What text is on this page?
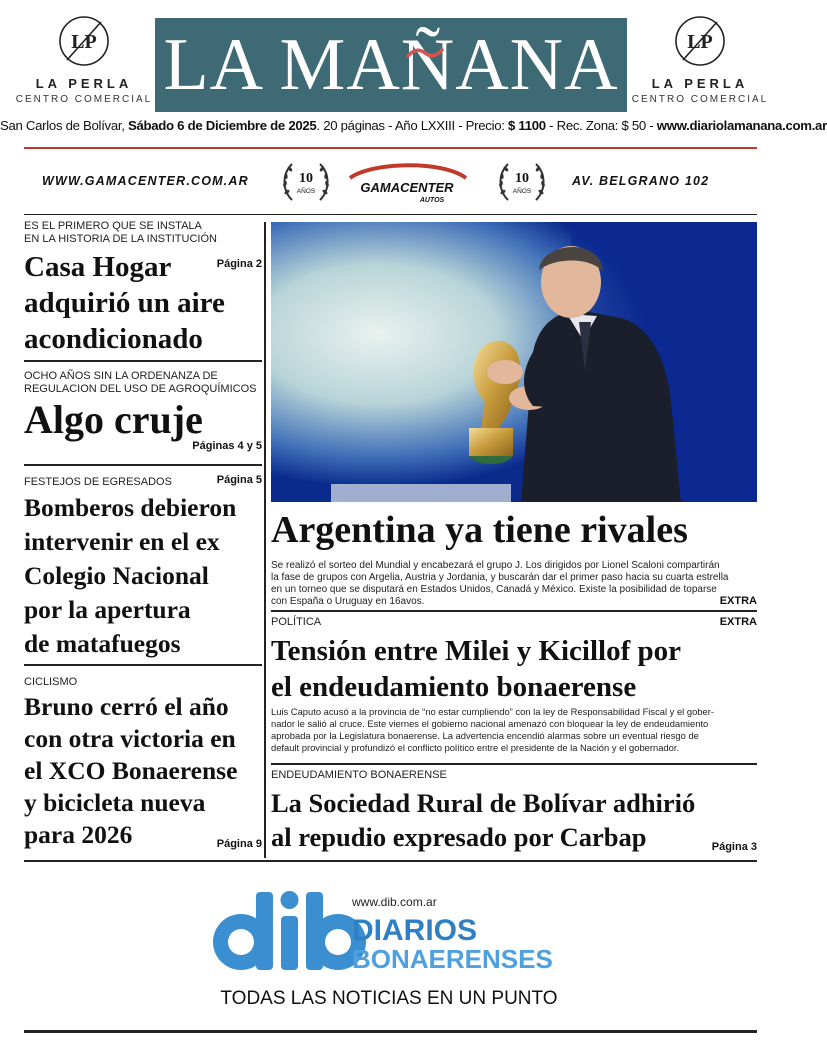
LP
LA PERLA
CENTRO COMERCIAL LA MAÑANA	LP
LA PERLA
CENTRO COMERCIAL
San Carlos de Bolívar, Sábado 6 de Diciembre de 2025. 20 páginas - Año LXXIII - Precio: $ 1100 - Rec. Zona: $ 50 - www.diariolamanana.com.ar
WWW.GAMACENTER.COM.AR	10
AÑOS	GAMACENTER
AUTOS
10
AÑOS
AV. BELGRANO 102
ES EL PRIMERO QUE SE INSTALA
EN LA HISTORIA DE LA INSTITUCIÓN
Casa Hogar
adquirió un aire
acondicionado
Página 2
OCHO AÑOS SIN LA ORDENANZA DE
REGULACION DEL USO DE AGROQUÍMICOS
Algo cruje
Páginas 4 y 5
FESTEJOS DE EGRESADOS
Bomberos debieron
intervenir en el ex
Colegio Nacional
por la apertura
de matafuegos
Página 5
CICLISMO
Bruno cerró el año
con otra victoria en
el XCO Bonaerense
y bicicleta nueva
para 2026	Página 9
Argentina ya tiene rivales
Se realizó el sorteo del Mundial y encabezará el grupo J. Los dirigidos por Lionel Scaloni compartirán
la fase de grupos con Argelia, Austria y Jordania, y buscarán dar el primer paso hacia su cuarta estrella
en un torneo que se disputará en Estados Unidos, Canadá y México. Existe la posibilidad de toparse
con España o Uruguay en 16avos.	EXTRA
POLÍTICA	EXTRA
Tensión entre Milei y Kicillof por
el endeudamiento bonaerense
Luis Caputo acusó a la provincia de “no estar cumpliendo” con la ley de Responsabilidad Fiscal y el gober-
nador le salió al cruce. Este viernes el gobierno nacional amenazó con bloquear la ley de endeudamiento
aprobada por la Legislatura bonaerense. La advertencia encendió alarmas sobre un eventual riesgo de
default provincial y profundizó el conflicto político entre el presidente de la Nación y el gobernador.
ENDEUDAMIENTO BONAERENSE
La Sociedad Rural de Bolívar adhirió
al repudio expresado por Carbap	Página 3
www.dib.com.ar
DIARIOS
BONAERENSES
TODAS LAS NOTICIAS EN UN PUNTO
